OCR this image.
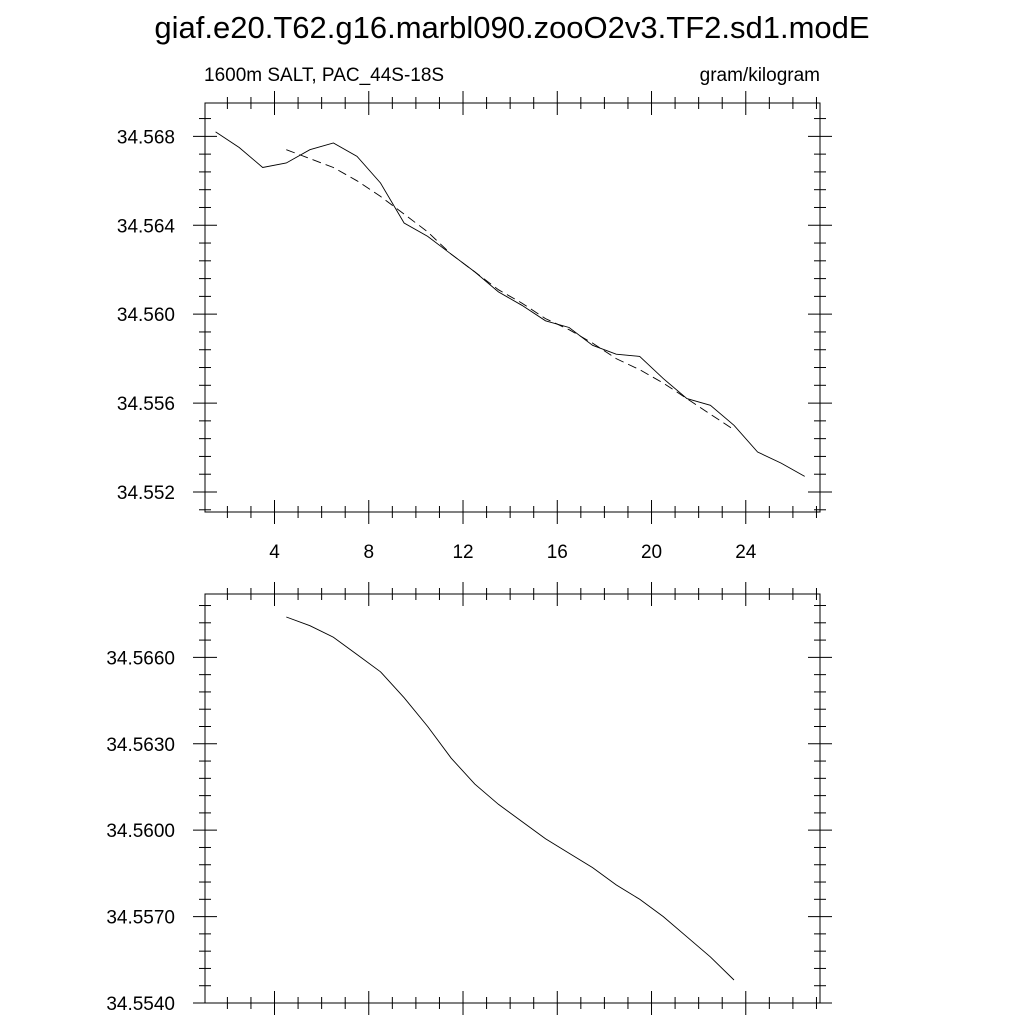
giaf.e20.T62.g16.marbl090.zooO2v3.TF2.sd1.modE
1600m SALT, PAC_44S-18S	gram/kilogram
34.552
34.556
34.560
34.564
34.568
4	8	12	16	20	24
34.5540
34.5570
34.5600
34.5630
34.5660
